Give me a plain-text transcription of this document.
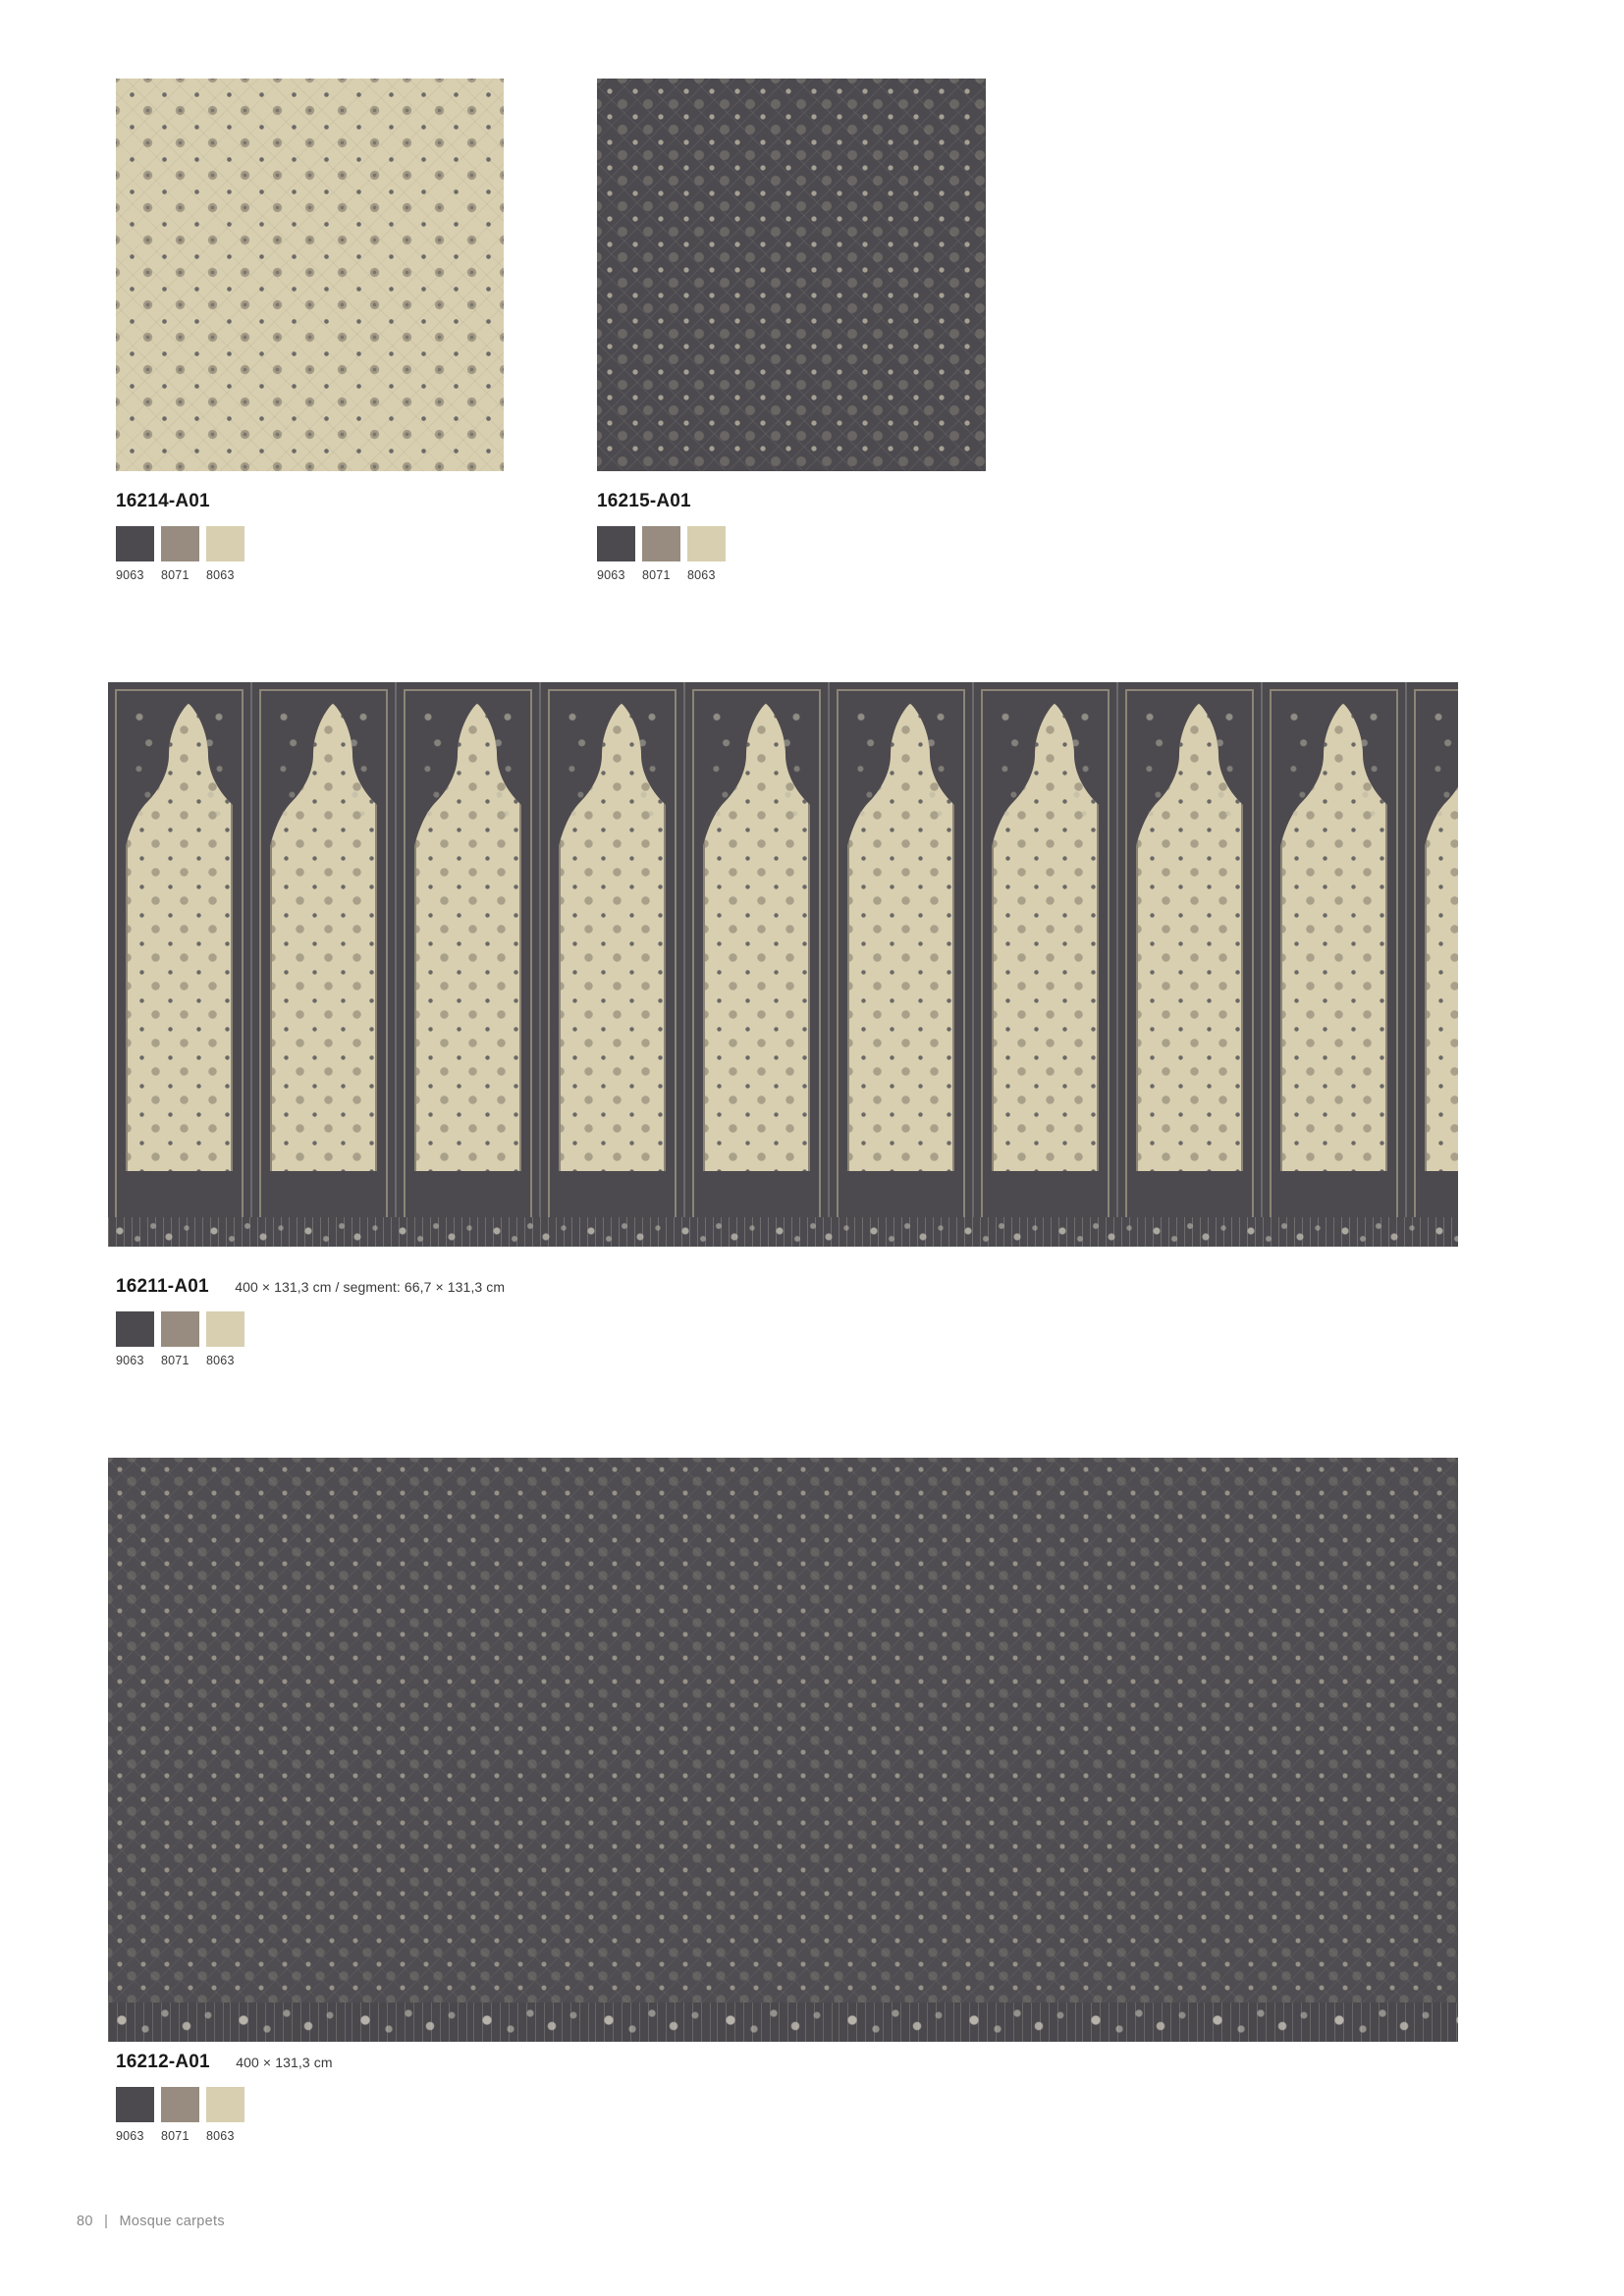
16214-A01
9063 8071 8063
16215-A01
9063 8071 8063
16211-A01 400 × 131,3 cm / segment: 66,7 × 131,3 cm
9063 8071 8063
16212-A01 400 × 131,3 cm
9063 8071 8063
80 | Mosque carpets
